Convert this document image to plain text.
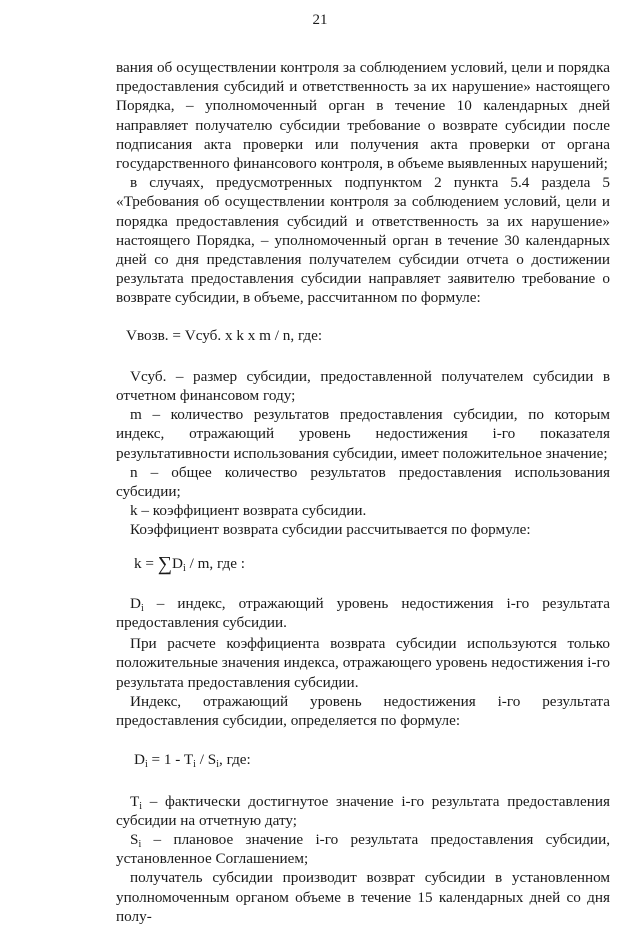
21

вания об осуществлении контроля за соблюдением условий, цели и порядка предоставления субсидий и ответственность за их нарушение» настоящего Порядка, – уполномоченный орган в течение 10 календарных дней направляет получателю субсидии требование о возврате субсидии после подписания акта проверки или получения акта проверки от органа государственного финансового контроля, в объеме выявленных нарушений;

в случаях, предусмотренных подпунктом 2 пункта 5.4 раздела 5 «Требования об осуществлении контроля за соблюдением условий, цели и порядка предоставления субсидий и ответственность за их нарушение» настоящего Порядка, – уполномоченный орган в течение 30 календарных дней со дня представления получателем субсидии отчета о достижении результата предоставления субсидии направляет заявителю требование о возврате субсидии, в объеме, рассчитанном по формуле:

Vвозв. = Vсуб. x k x m / n, где:

Vсуб. – размер субсидии, предоставленной получателем субсидии в отчетном финансовом году;

m – количество результатов предоставления субсидии, по которым индекс, отражающий уровень недостижения i-го показателя результативности использования субсидии, имеет положительное значение;

n – общее количество результатов предоставления использования субсидии;

k – коэффициент возврата субсидии.

Коэффициент возврата субсидии рассчитывается по формуле:

$k = \sum D_i / m$, где :

$D_i$ – индекс, отражающий уровень недостижения i-го результата предоставления субсидии.

При расчете коэффициента возврата субсидии используются только положительные значения индекса, отражающего уровень недостижения i-го результата предоставления субсидии.

Индекс, отражающий уровень недостижения i-го результата предоставления субсидии, определяется по формуле:

$D_i = 1 - T_i / S_i$, где:

$T_i$ – фактически достигнутое значение i-го результата предоставления субсидии на отчетную дату;

$S_i$ – плановое значение i-го результата предоставления субсидии, установленное Соглашением;

получатель субсидии производит возврат субсидии в установленном уполномоченным органом объеме в течение 15 календарных дней со дня полу-
